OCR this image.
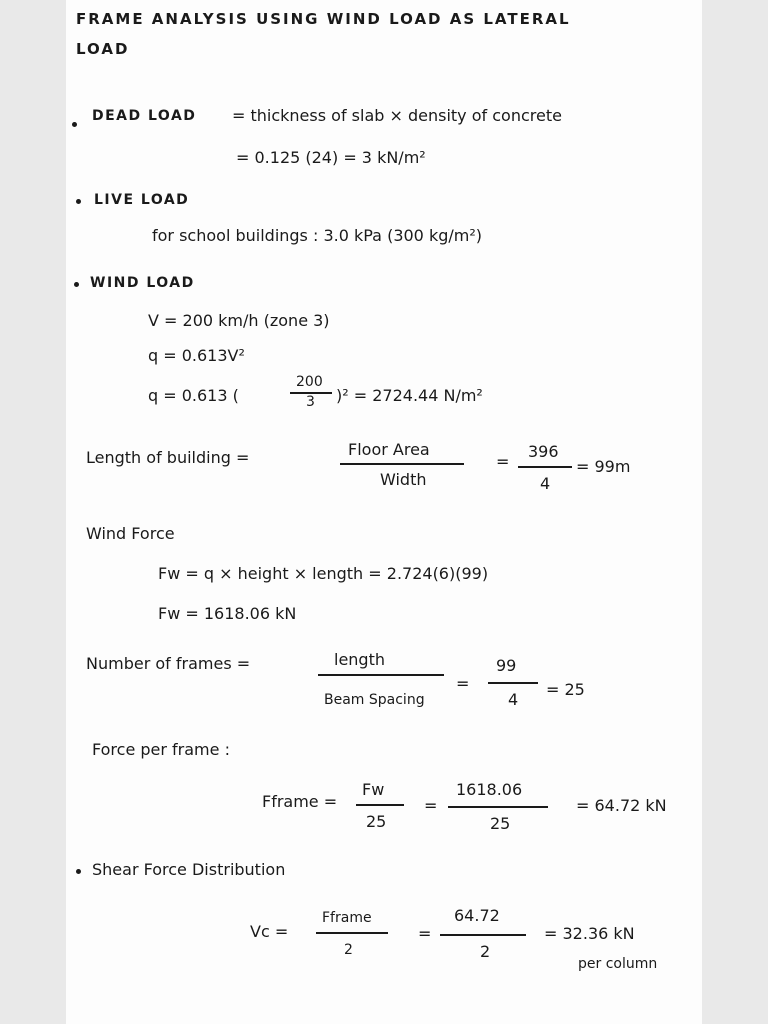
FRAME ANALYSIS USING WIND LOAD AS LATERAL
LOAD
DEAD LOAD = thickness of slab × density of concrete
= 0.125 (24) = 3 kN/m²
LIVE LOAD
for school buildings : 3.0 kPa (300 kg/m²)
WIND LOAD
V = 200 km/h (zone 3)
q = 0.613V²
q = 0.613 (
200
3 )² = 2724.44 N/m²
Length of building =	Floor Area
Width
=
396
4
= 99m
Wind Force
Fw = q × height × length = 2.724(6)(99)
Fw = 1618.06 kN
Number of frames =	length
Beam Spacing
=
99
4
= 25
Force per frame :
Fframe =
Fw
25
=
1618.06
25
= 64.72 kN
Shear Force Distribution
Vc =
Fframe
2
=
64.72
2
= 32.36 kN
per column
